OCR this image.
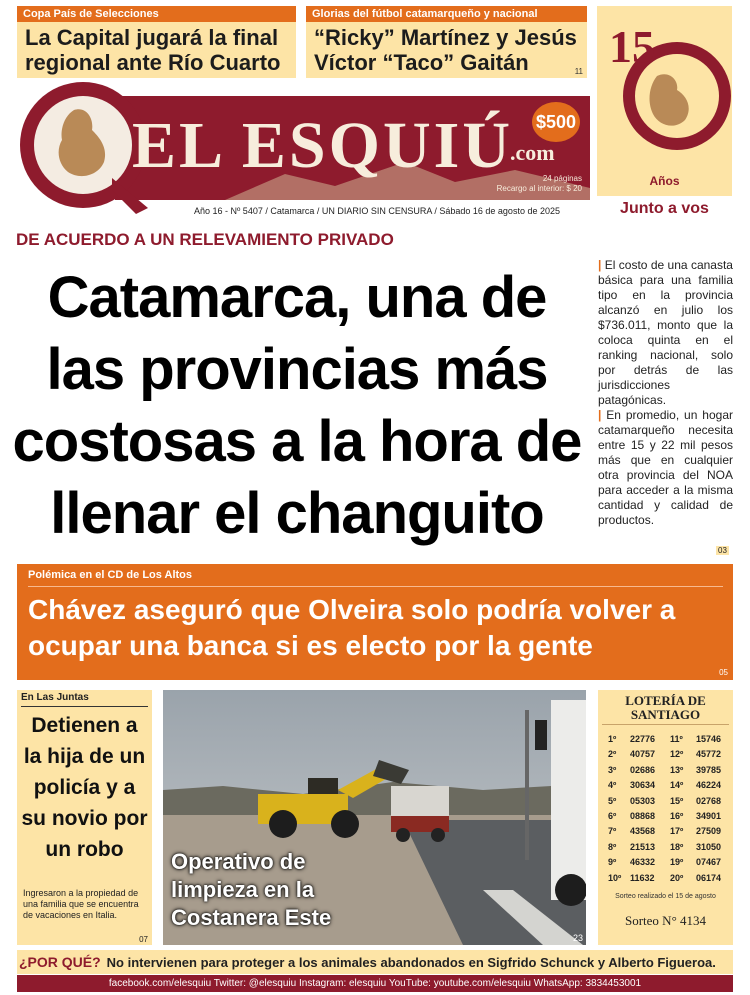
Copa País de Selecciones
La Capital jugará la final regional ante Río Cuarto
Glorias del fútbol catamarqueño y nacional
“Ricky” Martínez y Jesús Víctor “Taco” Gaitán	11
EL ESQUIÚ
.com
$500
24 páginas
Recargo al interior: $ 20
Año 16 - Nº 5407 / Catamarca / UN DIARIO SIN CENSURA / Sábado 16 de agosto de 2025
Años
15
Junto a vos
DE ACUERDO A UN RELEVAMIENTO PRIVADO
Catamarca, una de las provincias más costosas a la hora de llenar el changuito
| El costo de una canasta básica para una familia tipo en la provincia alcanzó en julio los $736.011, monto que la coloca quinta en el ranking nacional, solo por detrás de las jurisdicciones patagónicas.
| En promedio, un hogar catamarqueño necesita entre 15 y 22 mil pesos más que en cualquier otra provincia del NOA para acceder a la misma cantidad y calidad de productos.
03
Polémica en el CD de Los Altos
Chávez aseguró que Olveira solo podría volver a ocupar una banca si es electo por la gente
05
En Las Juntas
Detienen a la hija de un policía y a su novio por un robo
Ingresaron a la propiedad de una familia que se encuentra de vacaciones en Italia.
07
Operativo de limpieza en la Costanera Este
23
LOTERÍA DE
SANTIAGO
1º 22776 11º 15746
2º 40757 12º 45772
3º 02686 13º 39785
4º 30634 14º 46224
5º 05303 15º 02768
6º 08868 16º 34901
7º 43568 17º 27509
8º 21513 18º 31050
9º 46332 19º 07467
10º 11632 20º 06174
Sorteo realizado el 15 de agosto
Sorteo N° 4134
¿POR QUÉ? No intervienen para proteger a los animales abandonados en Sigfrido Schunck y Alberto Figueroa.
facebook.com/elesquiu Twitter: @elesquiu Instagram: elesquiu YouTube: youtube.com/elesquiu WhatsApp: 3834453001
